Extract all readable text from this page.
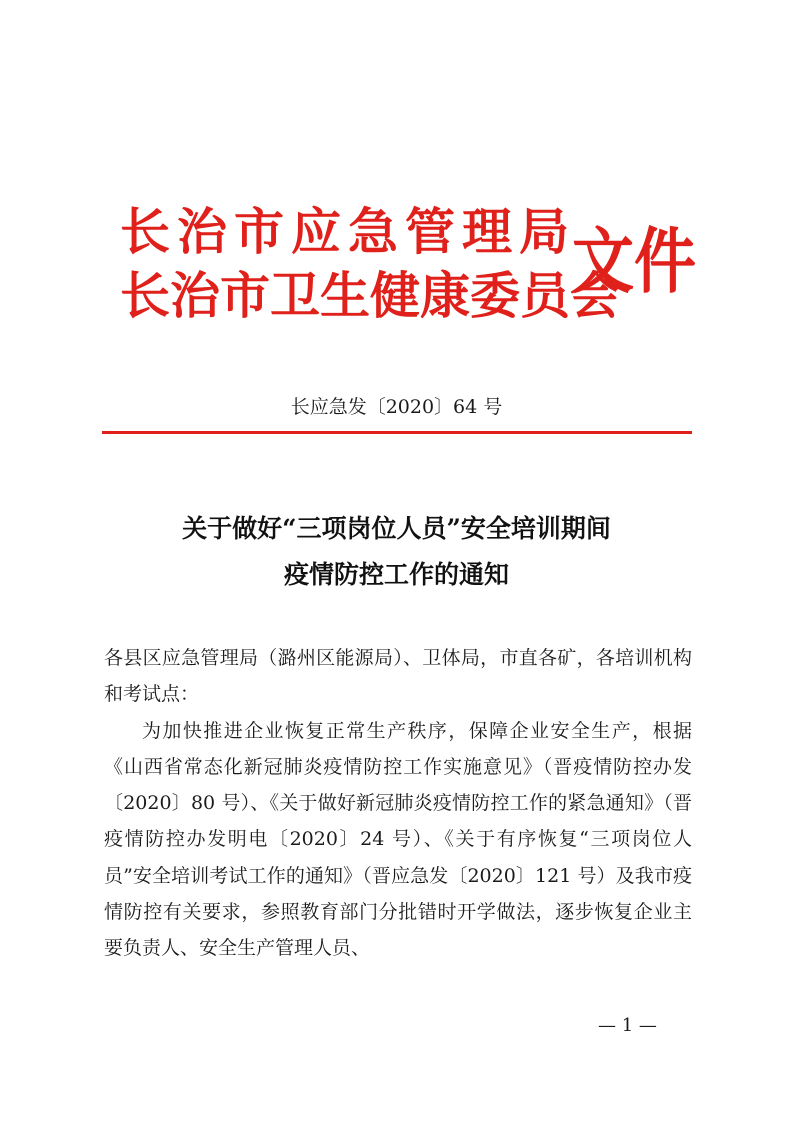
长治市应急管理局
长治市卫生健康委员会
文件
长应急发〔2020〕64 号
关于做好“三项岗位人员”安全培训期间
疫情防控工作的通知

各县区应急管理局（潞州区能源局）、卫体局，市直各矿，各培训机构和考试点：

为加快推进企业恢复正常生产秩序，保障企业安全生产，根据《山西省常态化新冠肺炎疫情防控工作实施意见》（晋疫情防控办发〔2020〕80 号）、《关于做好新冠肺炎疫情防控工作的紧急通知》（晋疫情防控办发明电〔2020〕24 号）、《关于有序恢复“三项岗位人员”安全培训考试工作的通知》（晋应急发〔2020〕121 号）及我市疫情防控有关要求，参照教育部门分批错时开学做法，逐步恢复企业主要负责人、安全生产管理人员、

— 1 —
